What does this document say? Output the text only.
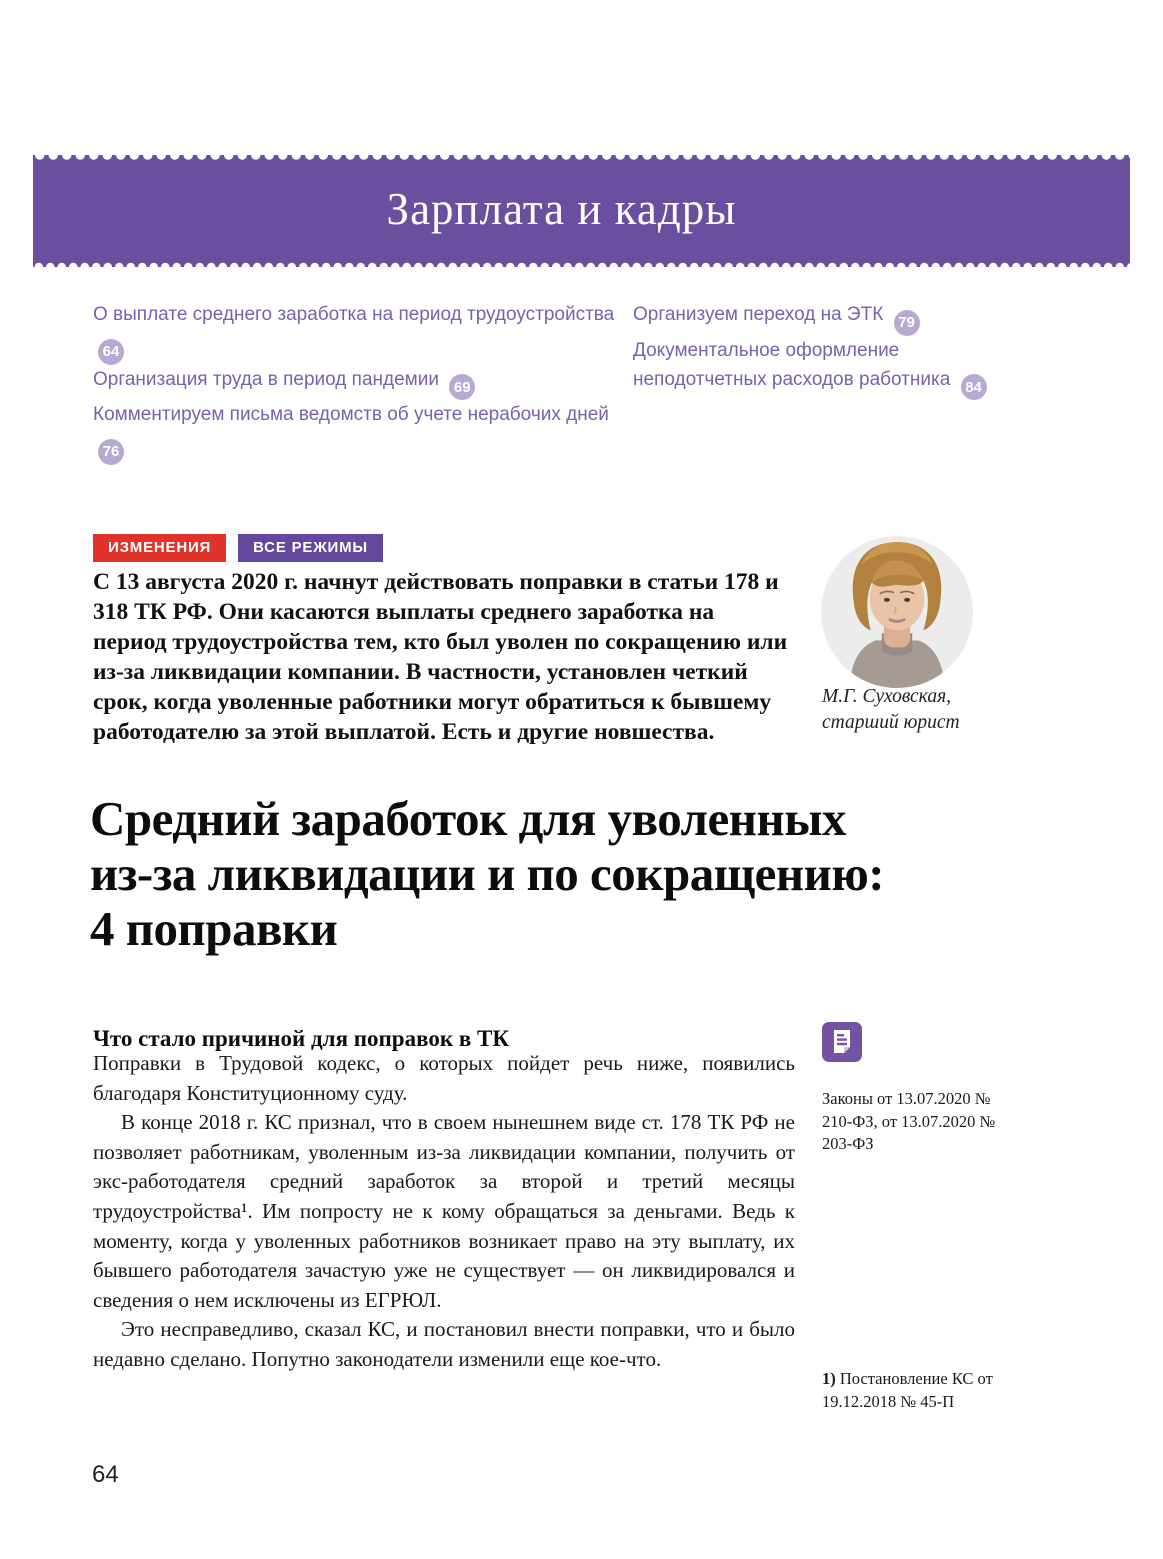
Зарплата и кадры
О выплате среднего заработка на период трудоустройства 64
Организация труда в период пандемии 69
Комментируем письма ведомств об учете нерабочих дней 76
Организуем переход на ЭТК 79
Документальное оформление неподотчетных расходов работника 84
ИЗМЕНЕНИЯ	ВСЕ РЕЖИМЫ
С 13 августа 2020 г. начнут действовать поправки в статьи 178 и 318 ТК РФ. Они касаются выплаты среднего заработка на период трудоустройства тем, кто был уволен по сокращению или из-за ликвидации компании. В частности, установлен четкий срок, когда уволенные работники могут обратиться к бывшему работодателю за этой выплатой. Есть и другие новшества.
М.Г. Суховская,
старший юрист
Средний заработок для уволенных
из-за ликвидации и по сокращению:
4 поправки
Что стало причиной для поправок в ТК

Поправки в Трудовой кодекс, о которых пойдет речь ниже, появились благодаря Конституционному суду.

В конце 2018 г. КС признал, что в своем нынешнем виде ст. 178 ТК РФ не позволяет работникам, уволенным из-за ликвидации компании, получить от экс-работодателя средний заработок за второй и третий месяцы трудоустройства¹. Им попросту не к кому обращаться за деньгами. Ведь к моменту, когда у уволенных работников возникает право на эту выплату, их бывшего работодателя зачастую уже не существует — он ликвидировался и сведения о нем исключены из ЕГРЮЛ.

Это несправедливо, сказал КС, и постановил внести поправки, что и было недавно сделано. Попутно законодатели изменили еще кое-что.

Законы от 13.07.2020 № 210-ФЗ, от 13.07.2020 № 203-ФЗ
1) Постановление КС от 19.12.2018 № 45-П
64
